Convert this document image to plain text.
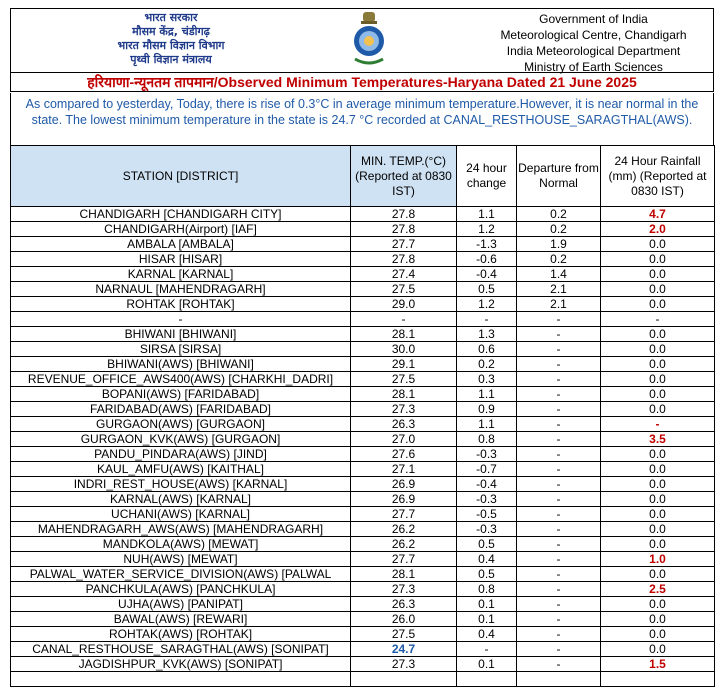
भारत सरकार
मौसम केंद्र, चंडीगढ़
भारत मौसम विज्ञान विभाग
पृथ्वी विज्ञान मंत्रालय
Government of India
Meteorological Centre, Chandigarh
India Meteorological Department
Ministry of Earth Sciences
हरियाणा-न्यूनतम तापमान/Observed Minimum Temperatures-Haryana Dated 21 June 2025
As compared to yesterday, Today, there is rise of 0.3°C in average minimum temperature.However, it is near normal in the state. The lowest minimum temperature in the state is 24.7 °C recorded at CANAL_RESTHOUSE_SARAGTHAL(AWS).
STATION [DISTRICT]	MIN. TEMP.(°C) (Reported at 0830 IST)	24 hour change	Departure from Normal	24 Hour Rainfall (mm) (Reported at 0830 IST)
CHANDIGARH [CHANDIGARH CITY]	27.8	1.1	0.2	4.7
CHANDIGARH(Airport) [IAF]	27.8	1.2	0.2	2.0
AMBALA [AMBALA]	27.7	-1.3	1.9	0.0
HISAR [HISAR]	27.8	-0.6	0.2	0.0
KARNAL [KARNAL]	27.4	-0.4	1.4	0.0
NARNAUL [MAHENDRAGARH]	27.5	0.5	2.1	0.0
ROHTAK [ROHTAK]	29.0	1.2	2.1	0.0
-	-	-	-	-
BHIWANI [BHIWANI]	28.1	1.3	-	0.0
SIRSA [SIRSA]	30.0	0.6	-	0.0
BHIWANI(AWS) [BHIWANI]	29.1	0.2	-	0.0
REVENUE_OFFICE_AWS400(AWS) [CHARKHI_DADRI]	27.5	0.3	-	0.0
BOPANI(AWS) [FARIDABAD]	28.1	1.1	-	0.0
FARIDABAD(AWS) [FARIDABAD]	27.3	0.9	-	0.0
GURGAON(AWS) [GURGAON]	26.3	1.1	-	-
GURGAON_KVK(AWS) [GURGAON]	27.0	0.8	-	3.5
PANDU_PINDARA(AWS) [JIND]	27.6	-0.3	-	0.0
KAUL_AMFU(AWS) [KAITHAL]	27.1	-0.7	-	0.0
INDRI_REST_HOUSE(AWS) [KARNAL]	26.9	-0.4	-	0.0
KARNAL(AWS) [KARNAL]	26.9	-0.3	-	0.0
UCHANI(AWS) [KARNAL]	27.7	-0.5	-	0.0
MAHENDRAGARH_AWS(AWS) [MAHENDRAGARH]	26.2	-0.3	-	0.0
MANDKOLA(AWS) [MEWAT]	26.2	0.5	-	0.0
NUH(AWS) [MEWAT]	27.7	0.4	-	1.0
PALWAL_WATER_SERVICE_DIVISION(AWS) [PALWAL	28.1	0.5	-	0.0
PANCHKULA(AWS) [PANCHKULA]	27.3	0.8	-	2.5
UJHA(AWS) [PANIPAT]	26.3	0.1	-	0.0
BAWAL(AWS) [REWARI]	26.0	0.1	-	0.0
ROHTAK(AWS) [ROHTAK]	27.5	0.4	-	0.0
CANAL_RESTHOUSE_SARAGTHAL(AWS) [SONIPAT]	24.7	-	-	0.0
JAGDISHPUR_KVK(AWS) [SONIPAT]	27.3	0.1	-	1.5
